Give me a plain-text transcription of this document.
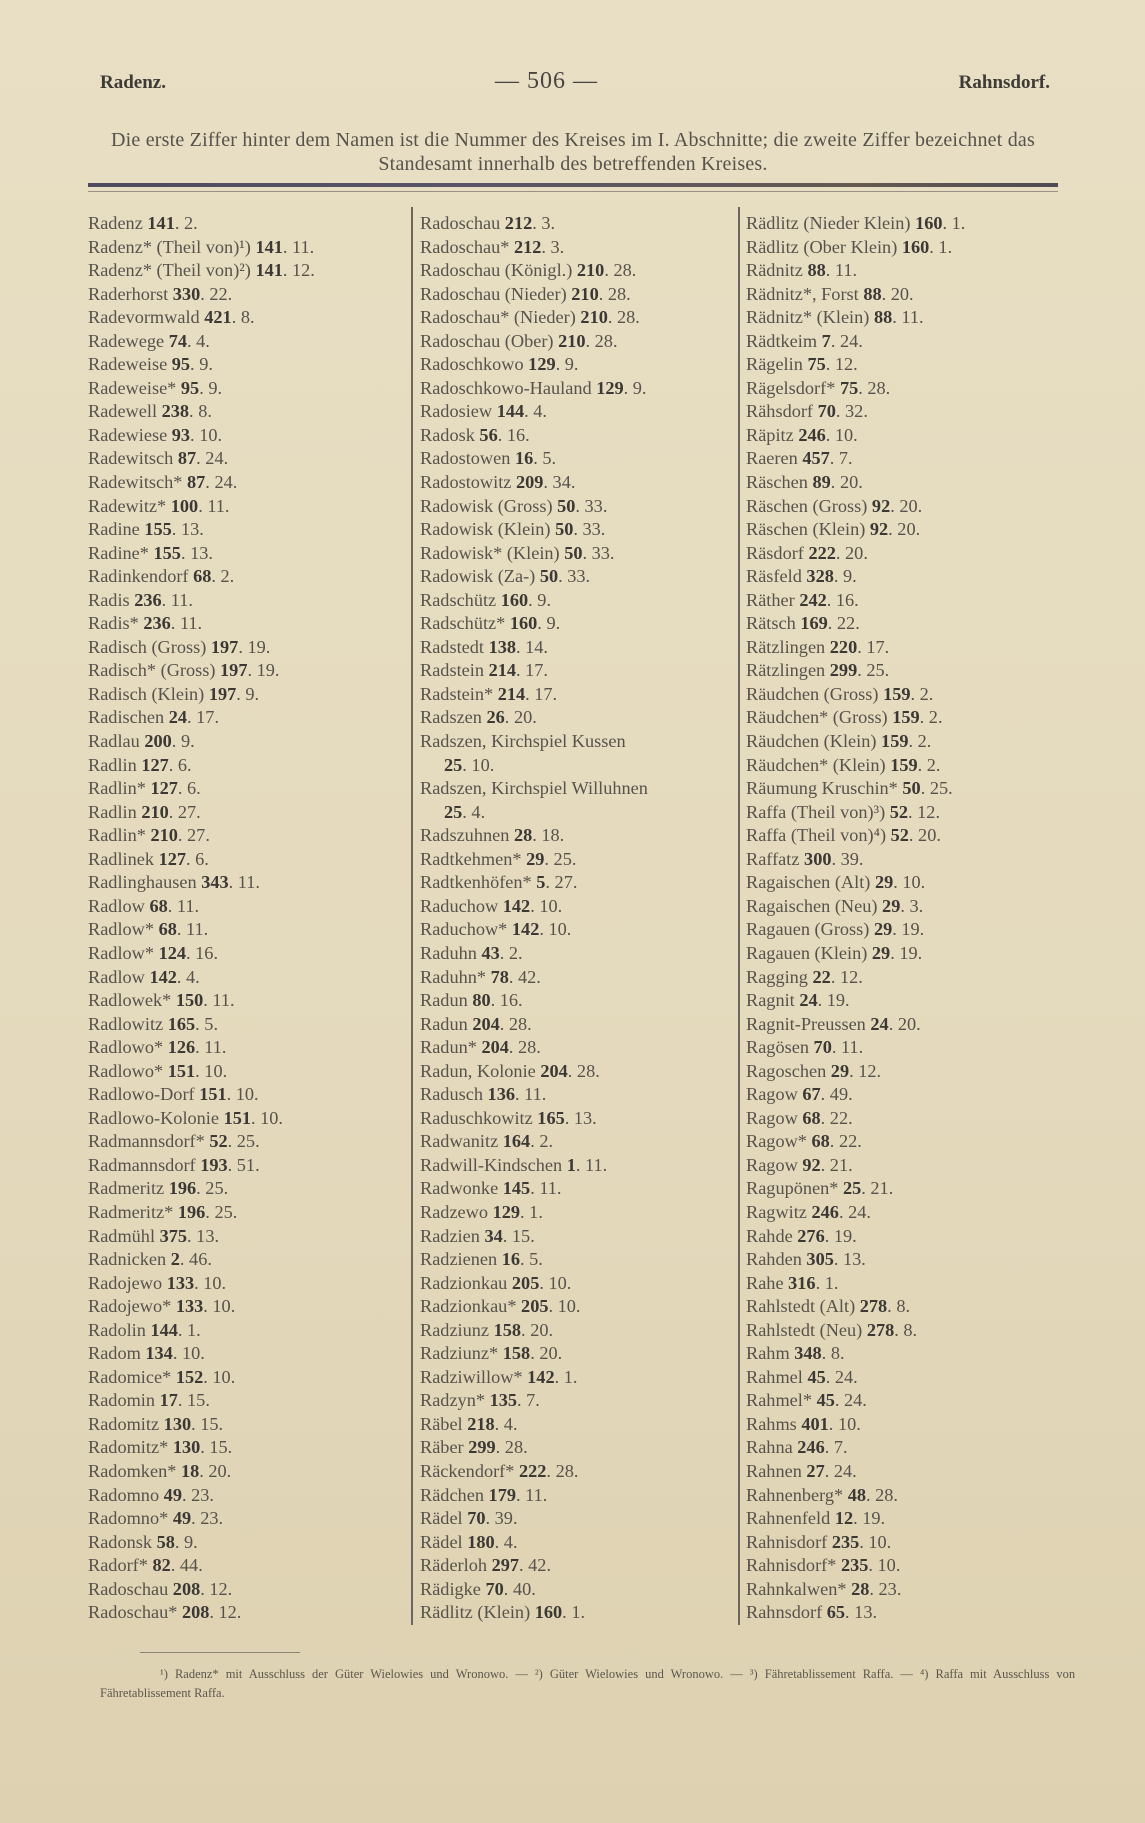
Radenz.	— 506 —	Rahnsdorf.
Die erste Ziffer hinter dem Namen ist die Nummer des Kreises im I. Abschnitte; die zweite Ziffer bezeichnet das Standesamt innerhalb des betreffenden Kreises.
Radenz 141. 2.
Radenz* (Theil von)¹) 141. 11.
Radenz* (Theil von)²) 141. 12.
Raderhorst 330. 22.
Radevormwald 421. 8.
Radewege 74. 4.
Radeweise 95. 9.
Radeweise* 95. 9.
Radewell 238. 8.
Radewiese 93. 10.
Radewitsch 87. 24.
Radewitsch* 87. 24.
Radewitz* 100. 11.
Radine 155. 13.
Radine* 155. 13.
Radinkendorf 68. 2.
Radis 236. 11.
Radis* 236. 11.
Radisch (Gross) 197. 19.
Radisch* (Gross) 197. 19.
Radisch (Klein) 197. 9.
Radischen 24. 17.
Radlau 200. 9.
Radlin 127. 6.
Radlin* 127. 6.
Radlin 210. 27.
Radlin* 210. 27.
Radlinek 127. 6.
Radlinghausen 343. 11.
Radlow 68. 11.
Radlow* 68. 11.
Radlow* 124. 16.
Radlow 142. 4.
Radlowek* 150. 11.
Radlowitz 165. 5.
Radlowo* 126. 11.
Radlowo* 151. 10.
Radlowo-Dorf 151. 10.
Radlowo-Kolonie 151. 10.
Radmannsdorf* 52. 25.
Radmannsdorf 193. 51.
Radmeritz 196. 25.
Radmeritz* 196. 25.
Radmühl 375. 13.
Radnicken 2. 46.
Radojewo 133. 10.
Radojewo* 133. 10.
Radolin 144. 1.
Radom 134. 10.
Radomice* 152. 10.
Radomin 17. 15.
Radomitz 130. 15.
Radomitz* 130. 15.
Radomken* 18. 20.
Radomno 49. 23.
Radomno* 49. 23.
Radonsk 58. 9.
Radorf* 82. 44.
Radoschau 208. 12.
Radoschau* 208. 12.
Radoschau 212. 3.
Radoschau* 212. 3.
Radoschau (Königl.) 210. 28.
Radoschau (Nieder) 210. 28.
Radoschau* (Nieder) 210. 28.
Radoschau (Ober) 210. 28.
Radoschkowo 129. 9.
Radoschkowo-Hauland 129. 9.
Radosiew 144. 4.
Radosk 56. 16.
Radostowen 16. 5.
Radostowitz 209. 34.
Radowisk (Gross) 50. 33.
Radowisk (Klein) 50. 33.
Radowisk* (Klein) 50. 33.
Radowisk (Za-) 50. 33.
Radschütz 160. 9.
Radschütz* 160. 9.
Radstedt 138. 14.
Radstein 214. 17.
Radstein* 214. 17.
Radszen 26. 20.
Radszen, Kirchspiel Kussen
25. 10.
Radszen, Kirchspiel Willuhnen
25. 4.
Radszuhnen 28. 18.
Radtkehmen* 29. 25.
Radtkenhöfen* 5. 27.
Raduchow 142. 10.
Raduchow* 142. 10.
Raduhn 43. 2.
Raduhn* 78. 42.
Radun 80. 16.
Radun 204. 28.
Radun* 204. 28.
Radun, Kolonie 204. 28.
Radusch 136. 11.
Raduschkowitz 165. 13.
Radwanitz 164. 2.
Radwill-Kindschen 1. 11.
Radwonke 145. 11.
Radzewo 129. 1.
Radzien 34. 15.
Radzienen 16. 5.
Radzionkau 205. 10.
Radzionkau* 205. 10.
Radziunz 158. 20.
Radziunz* 158. 20.
Radziwillow* 142. 1.
Radzyn* 135. 7.
Räbel 218. 4.
Räber 299. 28.
Räckendorf* 222. 28.
Rädchen 179. 11.
Rädel 70. 39.
Rädel 180. 4.
Räderloh 297. 42.
Rädigke 70. 40.
Rädlitz (Klein) 160. 1.
Rädlitz (Nieder Klein) 160. 1.
Rädlitz (Ober Klein) 160. 1.
Rädnitz 88. 11.
Rädnitz*, Forst 88. 20.
Rädnitz* (Klein) 88. 11.
Rädtkeim 7. 24.
Rägelin 75. 12.
Rägelsdorf* 75. 28.
Rähsdorf 70. 32.
Räpitz 246. 10.
Raeren 457. 7.
Räschen 89. 20.
Räschen (Gross) 92. 20.
Räschen (Klein) 92. 20.
Räsdorf 222. 20.
Räsfeld 328. 9.
Räther 242. 16.
Rätsch 169. 22.
Rätzlingen 220. 17.
Rätzlingen 299. 25.
Räudchen (Gross) 159. 2.
Räudchen* (Gross) 159. 2.
Räudchen (Klein) 159. 2.
Räudchen* (Klein) 159. 2.
Räumung Kruschin* 50. 25.
Raffa (Theil von)³) 52. 12.
Raffa (Theil von)⁴) 52. 20.
Raffatz 300. 39.
Ragaischen (Alt) 29. 10.
Ragaischen (Neu) 29. 3.
Ragauen (Gross) 29. 19.
Ragauen (Klein) 29. 19.
Ragging 22. 12.
Ragnit 24. 19.
Ragnit-Preussen 24. 20.
Ragösen 70. 11.
Ragoschen 29. 12.
Ragow 67. 49.
Ragow 68. 22.
Ragow* 68. 22.
Ragow 92. 21.
Ragupönen* 25. 21.
Ragwitz 246. 24.
Rahde 276. 19.
Rahden 305. 13.
Rahe 316. 1.
Rahlstedt (Alt) 278. 8.
Rahlstedt (Neu) 278. 8.
Rahm 348. 8.
Rahmel 45. 24.
Rahmel* 45. 24.
Rahms 401. 10.
Rahna 246. 7.
Rahnen 27. 24.
Rahnenberg* 48. 28.
Rahnenfeld 12. 19.
Rahnisdorf 235. 10.
Rahnisdorf* 235. 10.
Rahnkalwen* 28. 23.
Rahnsdorf 65. 13.
¹) Radenz* mit Ausschluss der Güter Wielowies und Wronowo. — ²) Güter Wielowies und Wronowo. — ³) Fähretablissement Raffa. — ⁴) Raffa mit Ausschluss von Fähretablissement Raffa.
